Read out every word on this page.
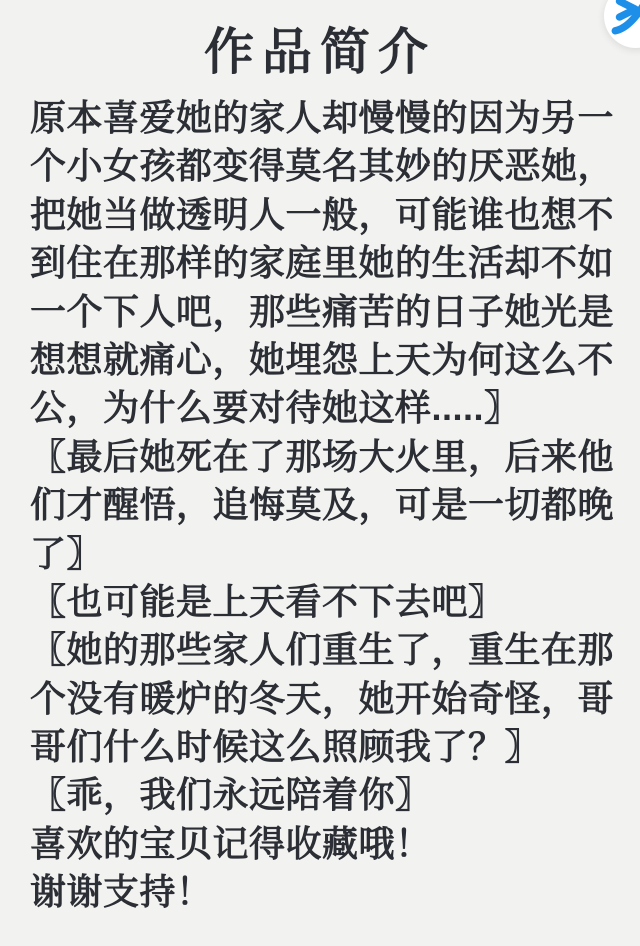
作品简介
原本喜爱她的家人却慢慢的因为另一
个小女孩都变得莫名其妙的厌恶她，
把她当做透明人一般，可能谁也想不
到住在那样的家庭里她的生活却不如
一个下人吧，那些痛苦的日子她光是
想想就痛心，她埋怨上天为何这么不
公，为什么要对待她这样.....〗
〖最后她死在了那场大火里，后来他
们才醒悟，追悔莫及，可是一切都晚
了〗
〖也可能是上天看不下去吧〗
〖她的那些家人们重生了，重生在那
个没有暖炉的冬天，她开始奇怪，哥
哥们什么时候这么照顾我了？〗
〖乖，我们永远陪着你〗
喜欢的宝贝记得收藏哦！
谢谢支持！
